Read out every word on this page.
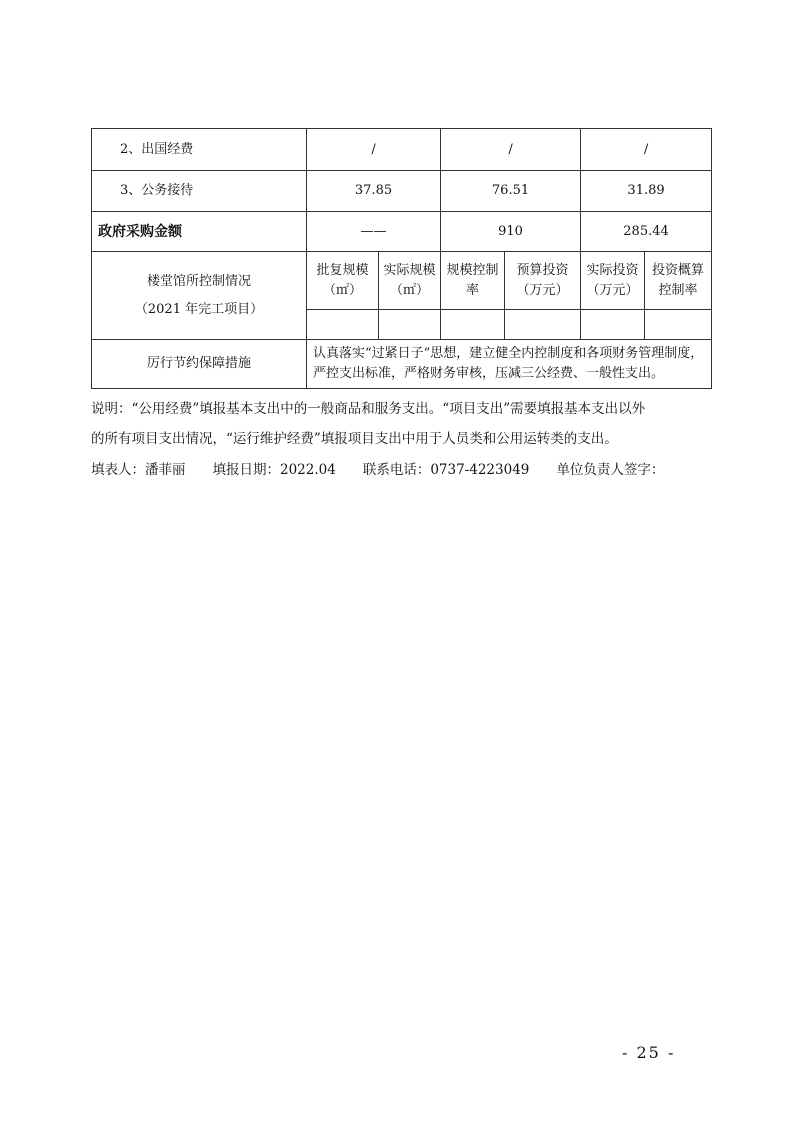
2、出国经费	/		/		/	
3、公务接待	37.85		76.51		31.89	
政府采购金额	——		910		285.44	

楼堂馆所控制情况
（2021 年完工项目）	批复规模（㎡）	实际规模（㎡）	规模控制率	预算投资（万元）	实际投资（万元）	投资概算控制率

厉行节约保障措施	认真落实“过紧日子”思想，建立健全内控制度和各项财务管理制度，严控支出标准，严格财务审核，压减三公经费、一般性支出。					
说明：“公用经费”填报基本支出中的一般商品和服务支出。“项目支出”需要填报基本支出以外
的所有项目支出情况，“运行维护经费”填报项目支出中用于人员类和公用运转类的支出。
填表人：潘菲丽　　填报日期：2022.04　　联系电话：0737-4223049　　单位负责人签字：
- 25 -
